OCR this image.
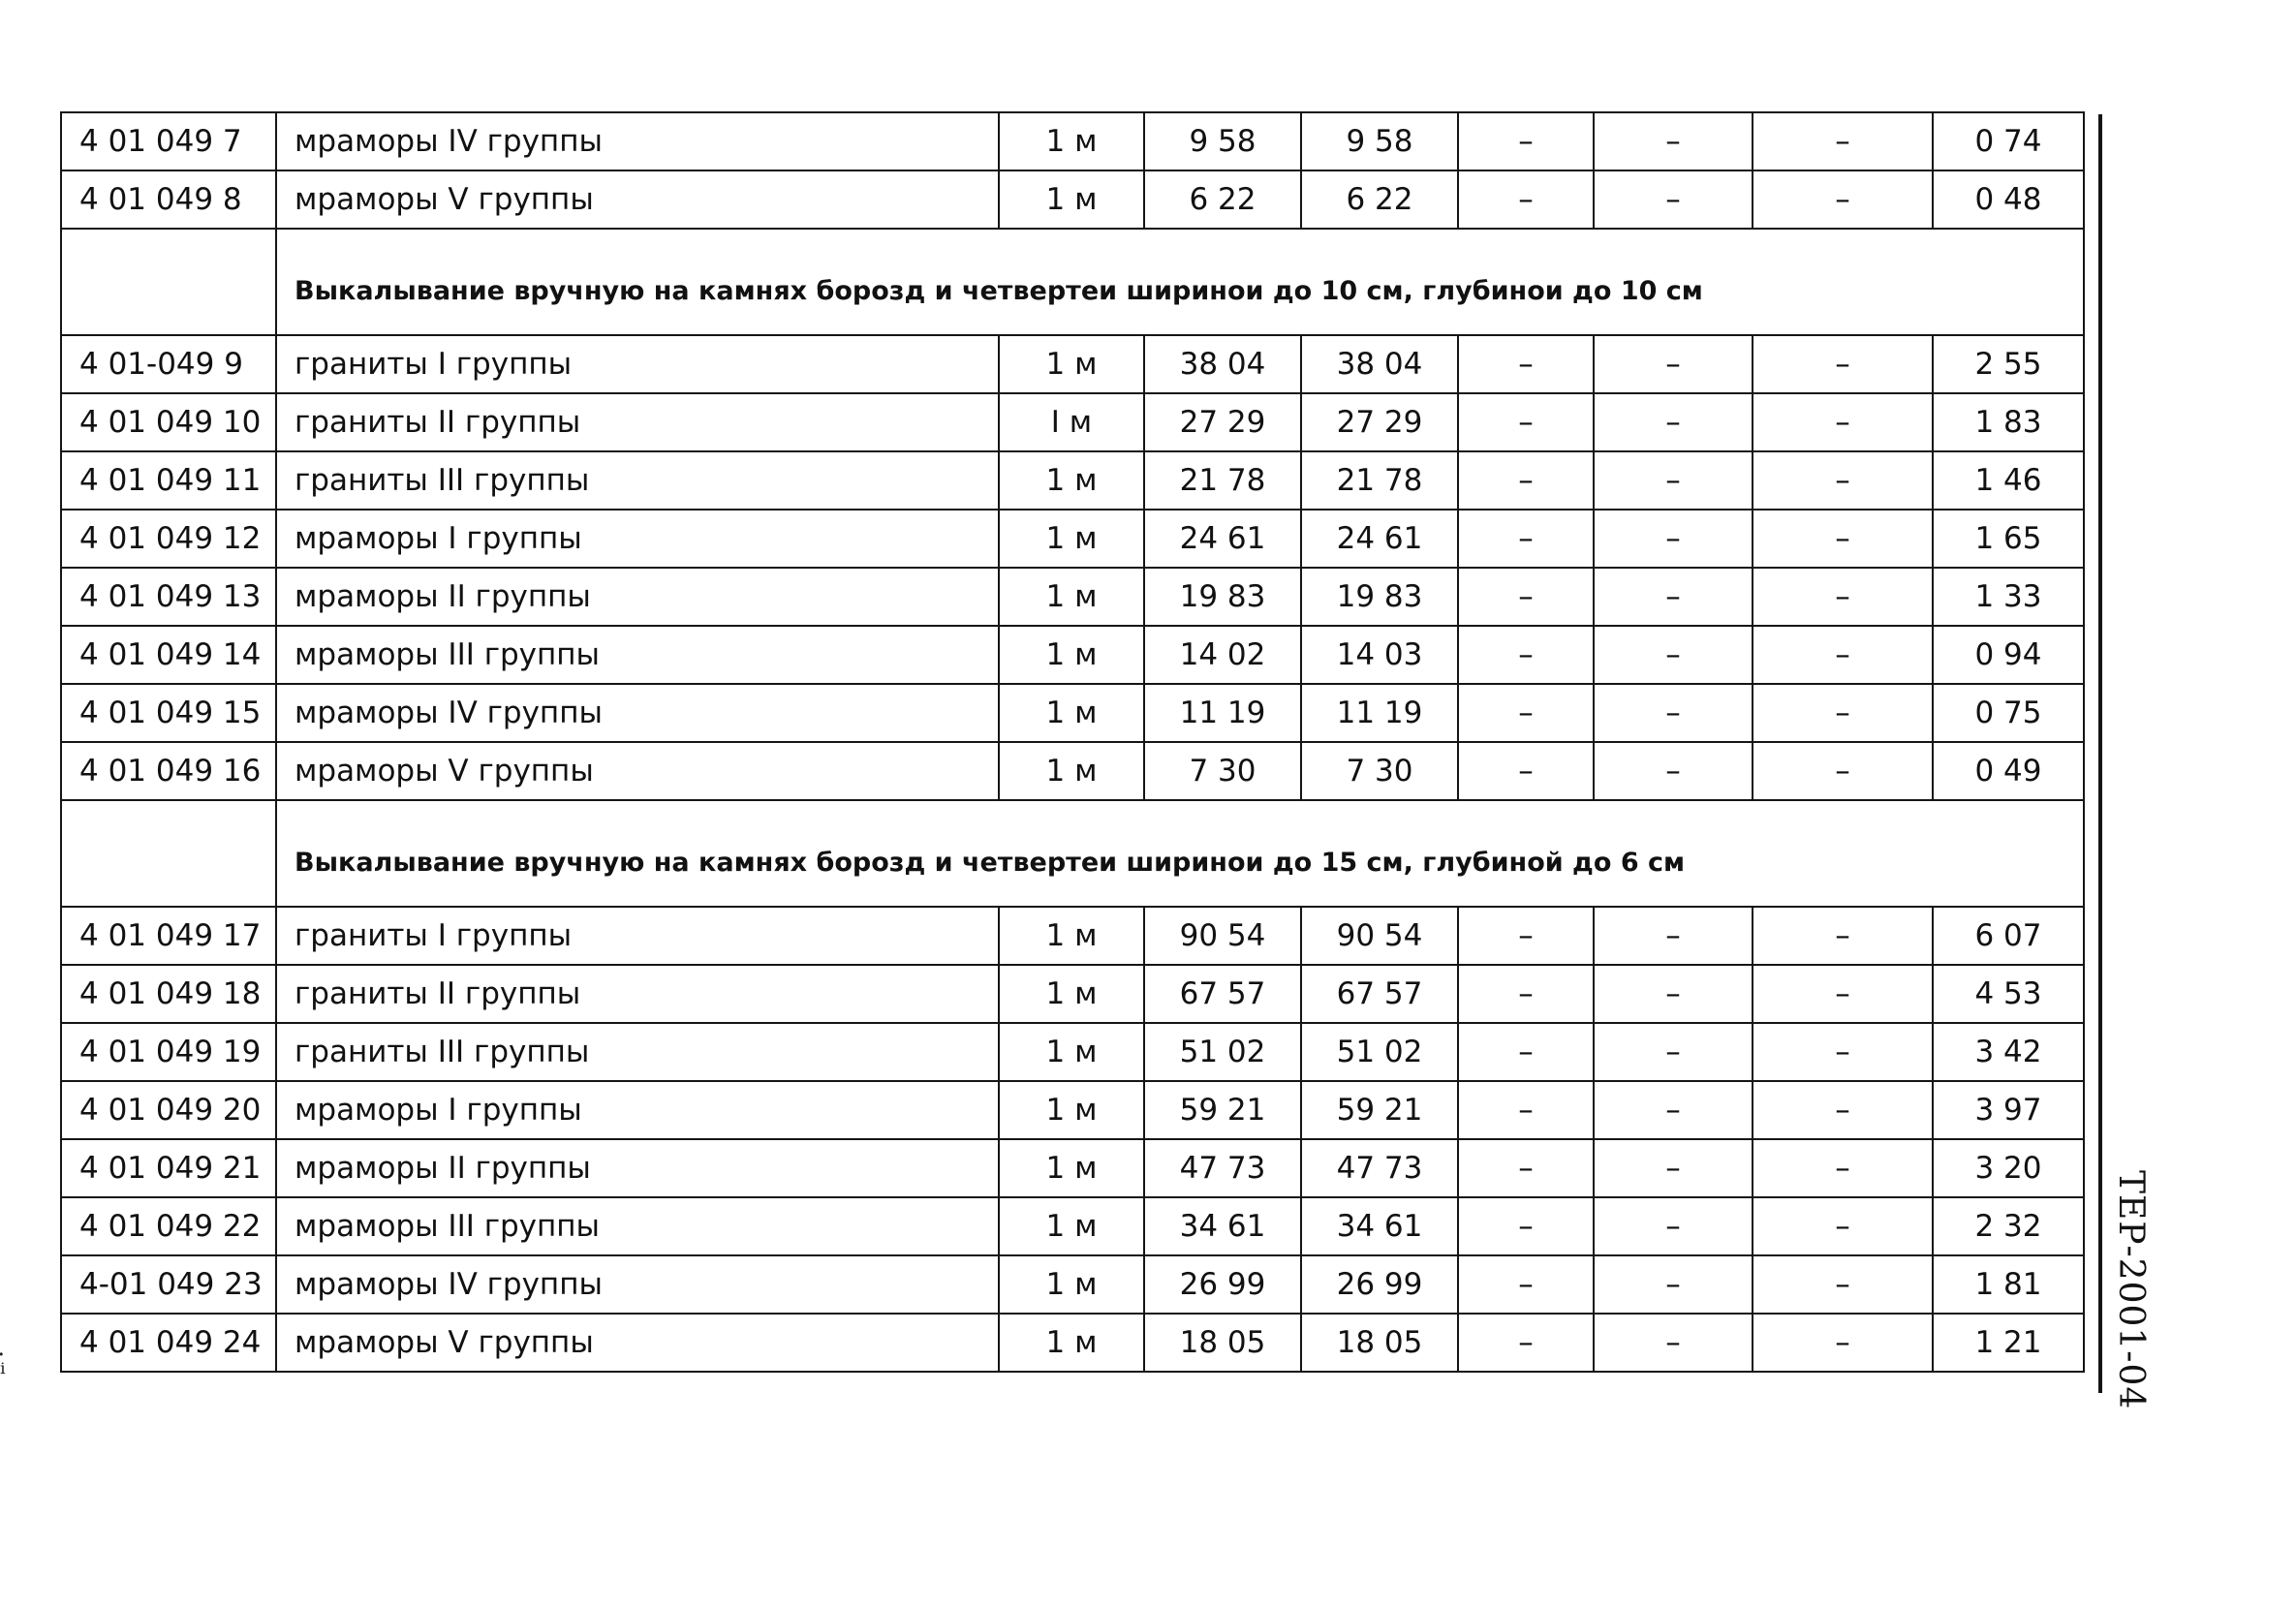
4 01 049 7	мраморы IV группы	1 м	9 58	9 58	–	–	–	0 74
4 01 049 8	мраморы V группы	1 м	6 22	6 22	–	–	–	0 48
	Выкалывание вручную на камнях борозд и четвертеи ширинои до 10 см, глубинои до 10 см							
4 01-049 9	граниты I группы	1 м	38 04	38 04	–	–	–	2 55
4 01 049 10	граниты II группы	I м	27 29	27 29	–	–	–	1 83
4 01 049 11	граниты III группы	1 м	21 78	21 78	–	–	–	1 46
4 01 049 12	мраморы I группы	1 м	24 61	24 61	–	–	–	1 65
4 01 049 13	мраморы II группы	1 м	19 83	19 83	–	–	–	1 33
4 01 049 14	мраморы III группы	1 м	14 02	14 03	–	–	–	0 94
4 01 049 15	мраморы IV группы	1 м	11 19	11 19	–	–	–	0 75
4 01 049 16	мраморы V группы	1 м	7 30	7 30	–	–	–	0 49
	Выкалывание вручную на камнях борозд и четвертеи ширинои до 15 см, глубиной до 6 см							
4 01 049 17	граниты I группы	1 м	90 54	90 54	–	–	–	6 07
4 01 049 18	граниты II группы	1 м	67 57	67 57	–	–	–	4 53
4 01 049 19	граниты III группы	1 м	51 02	51 02	–	–	–	3 42
4 01 049 20	мраморы I группы	1 м	59 21	59 21	–	–	–	3 97
4 01 049 21	мраморы II группы	1 м	47 73	47 73	–	–	–	3 20
4 01 049 22	мраморы III группы	1 м	34 61	34 61	–	–	–	2 32
4-01 049 23	мраморы IV группы	1 м	26 99	26 99	–	–	–	1 81
4 01 049 24	мраморы V группы	1 м	18 05	18 05	–	–	–	1 21 ТЕР-2001-04
ᵢ̈
